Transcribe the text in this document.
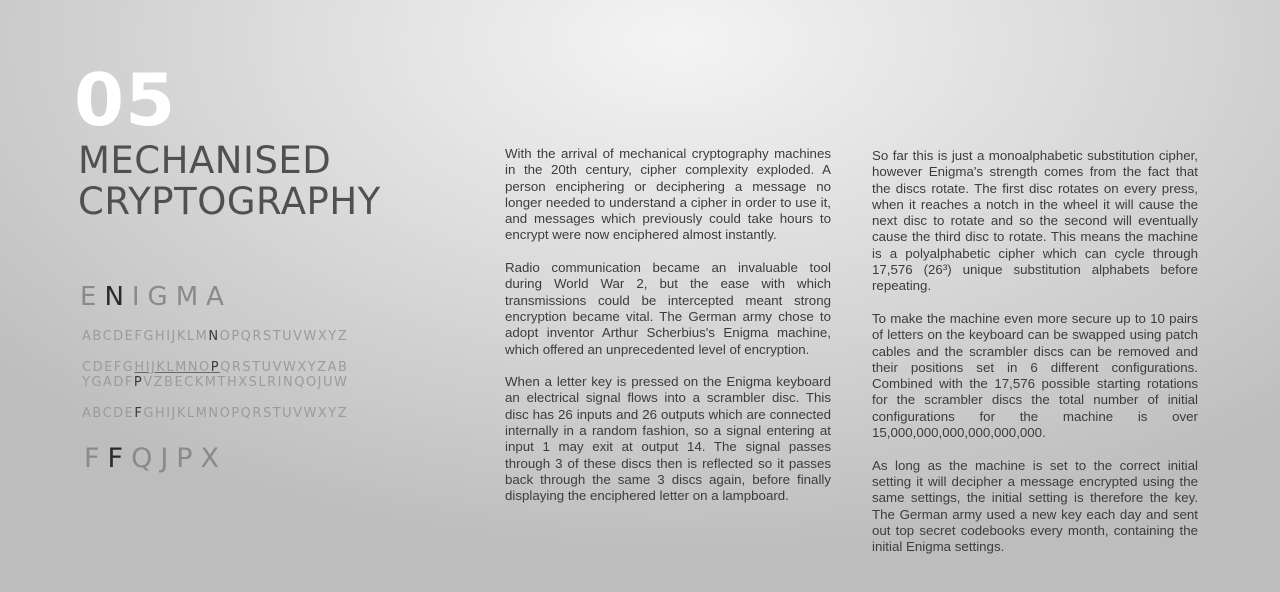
05
MECHANISED
CRYPTOGRAPHY
ENIGMA
ABCDEFGHIJKLMNOPQRSTUVWXYZ
CDEFGHIJKLMNOPQRSTUVWXYZAB
YGADFPVZBECKMTHXSLRINQOJUW
ABCDEFGHIJKLMNOPQRSTUVWXYZ
FFQJPX

With the arrival of mechanical cryptography machines in the 20th century, cipher complexity exploded. A person enciphering or deciphering a message no longer needed to understand a cipher in order to use it, and messages which previously could take hours to encrypt were now enciphered almost instantly.

Radio communication became an invaluable tool during World War 2, but the ease with which transmissions could be intercepted meant strong encryption became vital. The German army chose to adopt inventor Arthur Scherbius's Enigma machine, which offered an unprecedented level of encryption.

When a letter key is pressed on the Enigma keyboard an electrical signal flows into a scrambler disc. This disc has 26 inputs and 26 outputs which are connected internally in a random fashion, so a signal entering at input 1 may exit at output 14. The signal passes through 3 of these discs then is reflected so it passes back through the same 3 discs again, before finally displaying the enciphered letter on a lampboard.

So far this is just a monoalphabetic substitution cipher, however Enigma's strength comes from the fact that the discs rotate. The first disc rotates on every press, when it reaches a notch in the wheel it will cause the next disc to rotate and so the second will eventually cause the third disc to rotate. This means the machine is a polyalphabetic cipher which can cycle through 17,576 (26³) unique substitution alphabets before repeating.

To make the machine even more secure up to 10 pairs of letters on the keyboard can be swapped using patch cables and the scrambler discs can be removed and their positions set in 6 different configurations. Combined with the 17,576 possible starting rotations for the scrambler discs the total number of initial configurations for the machine is over 15,000,000,000,000,000,000.

As long as the machine is set to the correct initial setting it will decipher a message encrypted using the same settings, the initial setting is therefore the key. The German army used a new key each day and sent out top secret codebooks every month, containing the initial Enigma settings.
